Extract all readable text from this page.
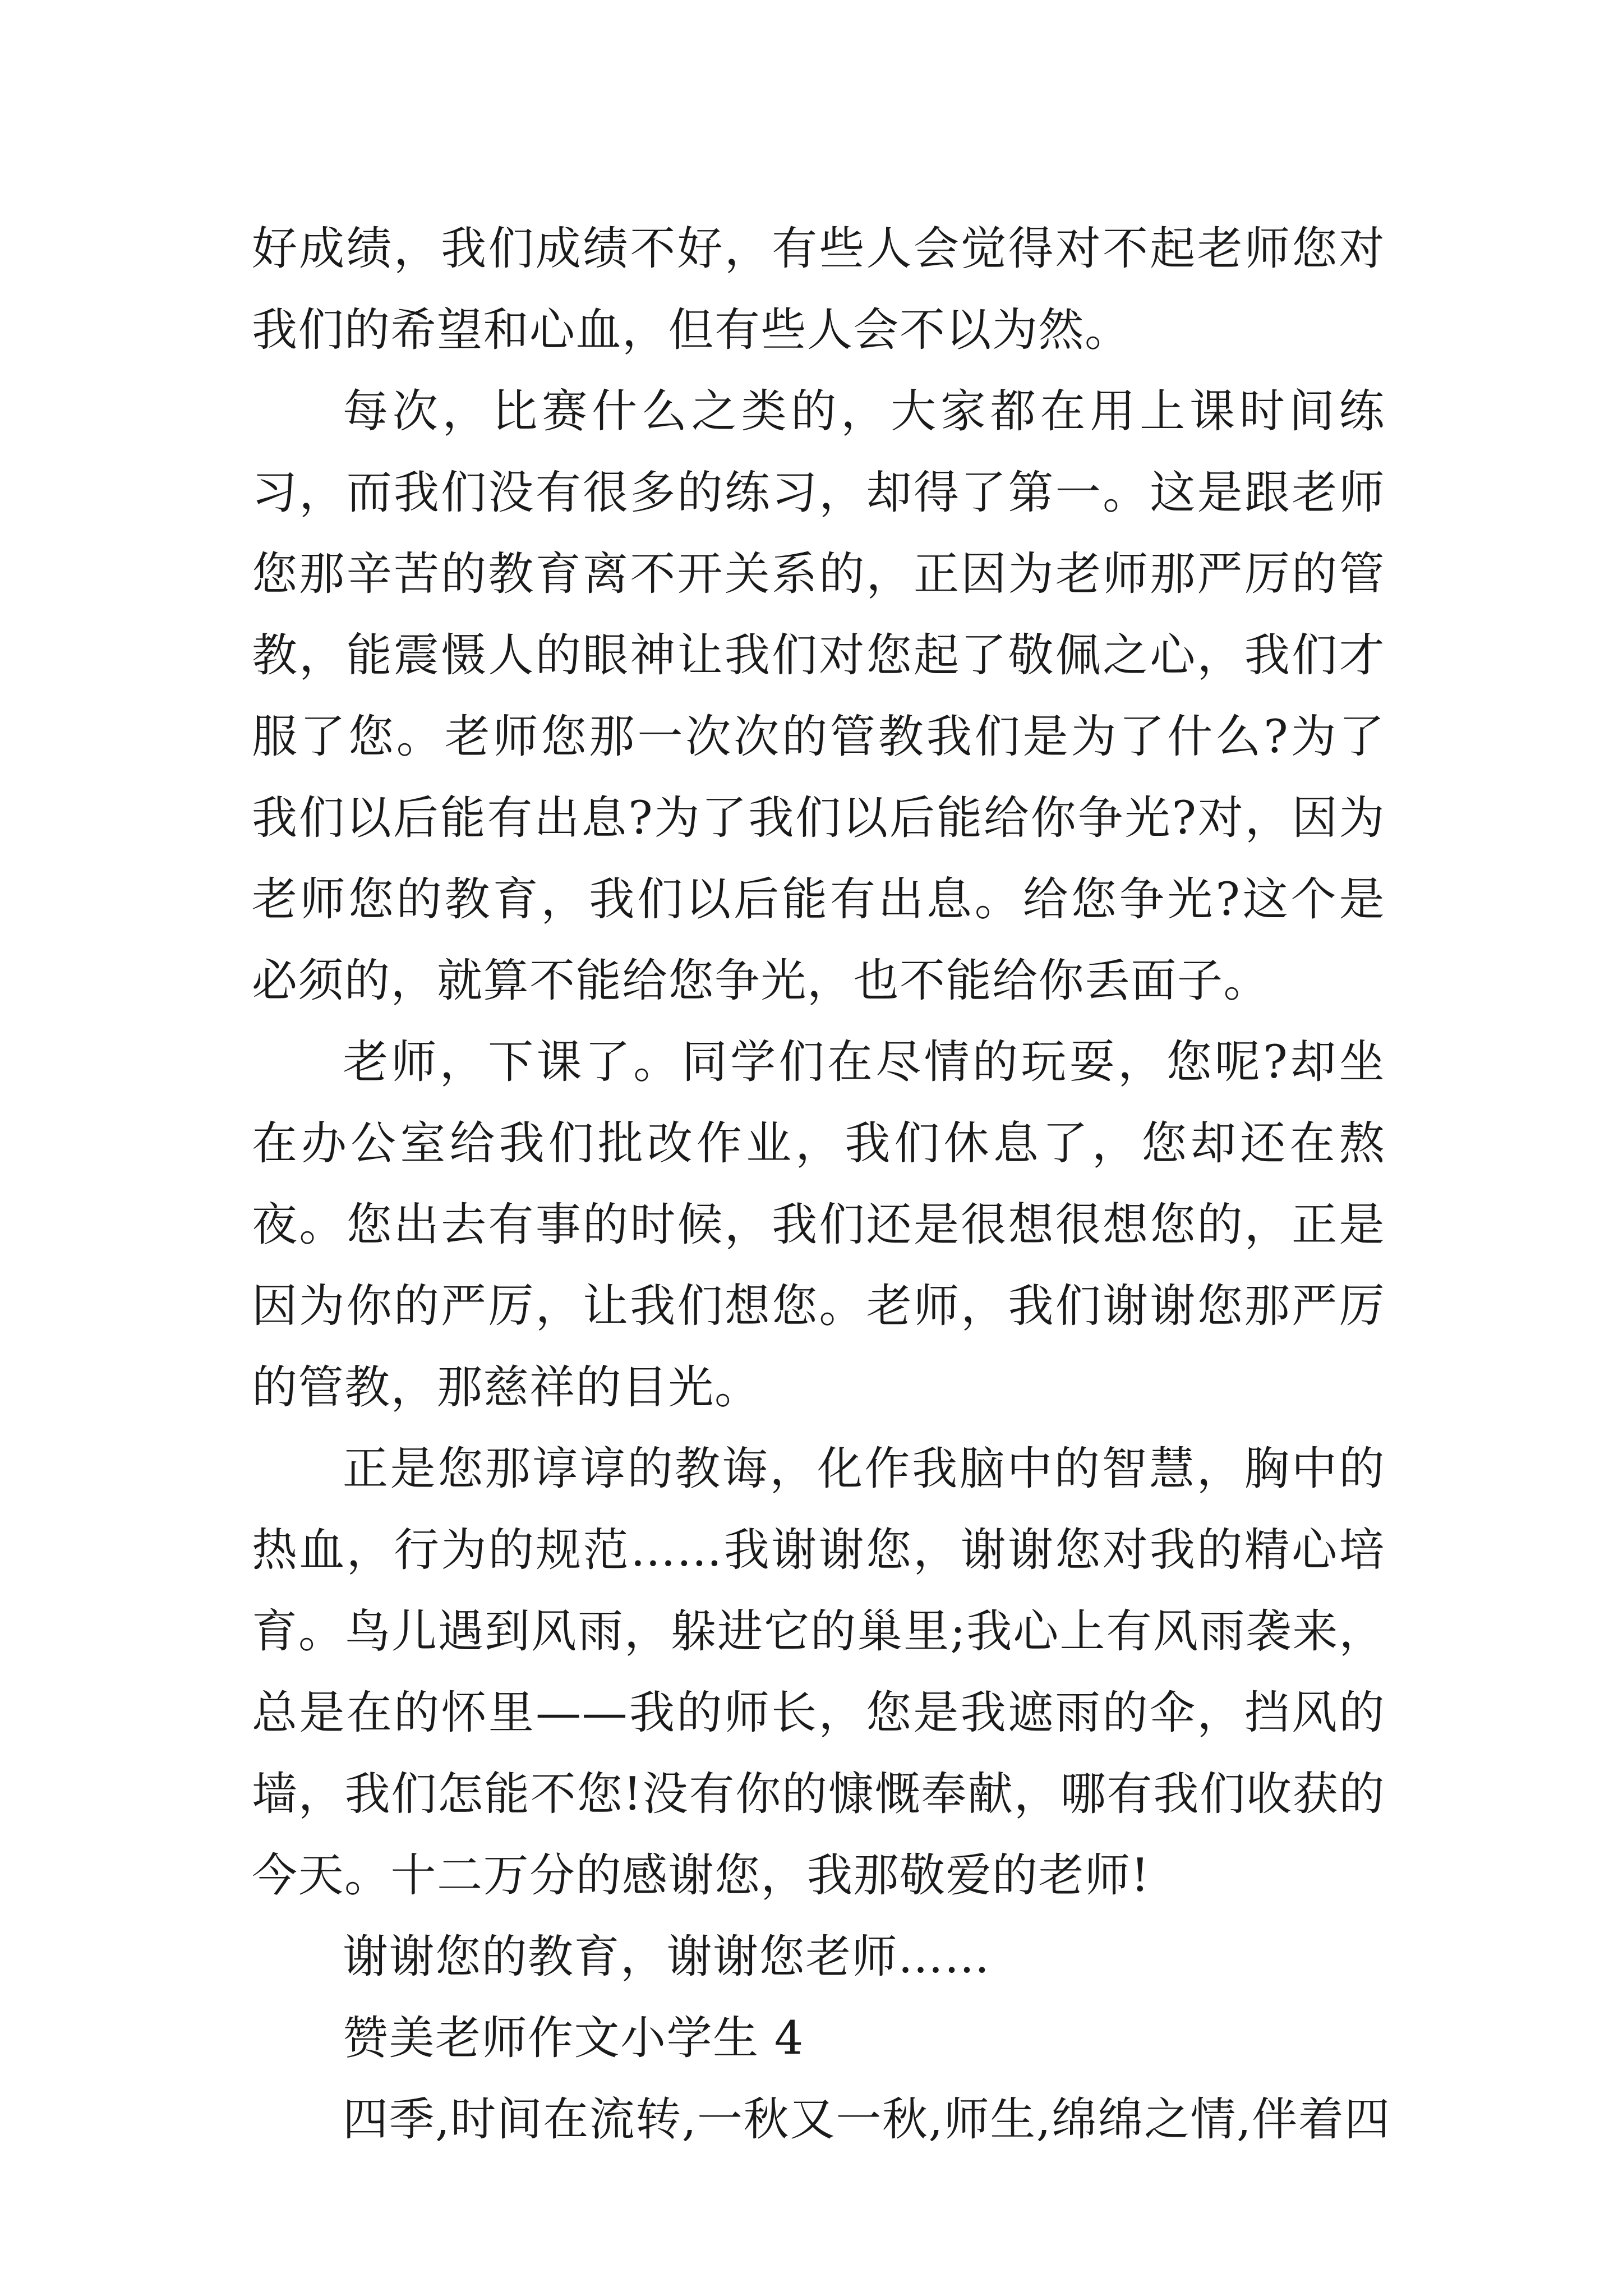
好成绩，我们成绩不好，有些人会觉得对不起老师您对我们的希望和心血，但有些人会不以为然。

每次，比赛什么之类的，大家都在用上课时间练习，而我们没有很多的练习，却得了第一。这是跟老师您那辛苦的教育离不开关系的，正因为老师那严厉的管教，能震慑人的眼神让我们对您起了敬佩之心，我们才服了您。老师您那一次次的管教我们是为了什么?为了我们以后能有出息?为了我们以后能给你争光?对，因为老师您的教育，我们以后能有出息。给您争光?这个是必须的，就算不能给您争光，也不能给你丢面子。

老师，下课了。同学们在尽情的玩耍，您呢?却坐在办公室给我们批改作业，我们休息了，您却还在熬夜。您出去有事的时候，我们还是很想很想您的，正是因为你的严厉，让我们想您。老师，我们谢谢您那严厉的管教，那慈祥的目光。

正是您那谆谆的教诲，化作我脑中的智慧，胸中的热血，行为的规范……我谢谢您，谢谢您对我的精心培育。鸟儿遇到风雨，躲进它的巢里;我心上有风雨袭来，总是在的怀里——我的师长，您是我遮雨的伞，挡风的墙，我们怎能不您!没有你的慷慨奉献，哪有我们收获的今天。十二万分的感谢您，我那敬爱的老师!

谢谢您的教育，谢谢您老师……

赞美老师作文小学生 4

四季,时间在流转,一秋又一秋,师生,绵绵之情,伴着四
